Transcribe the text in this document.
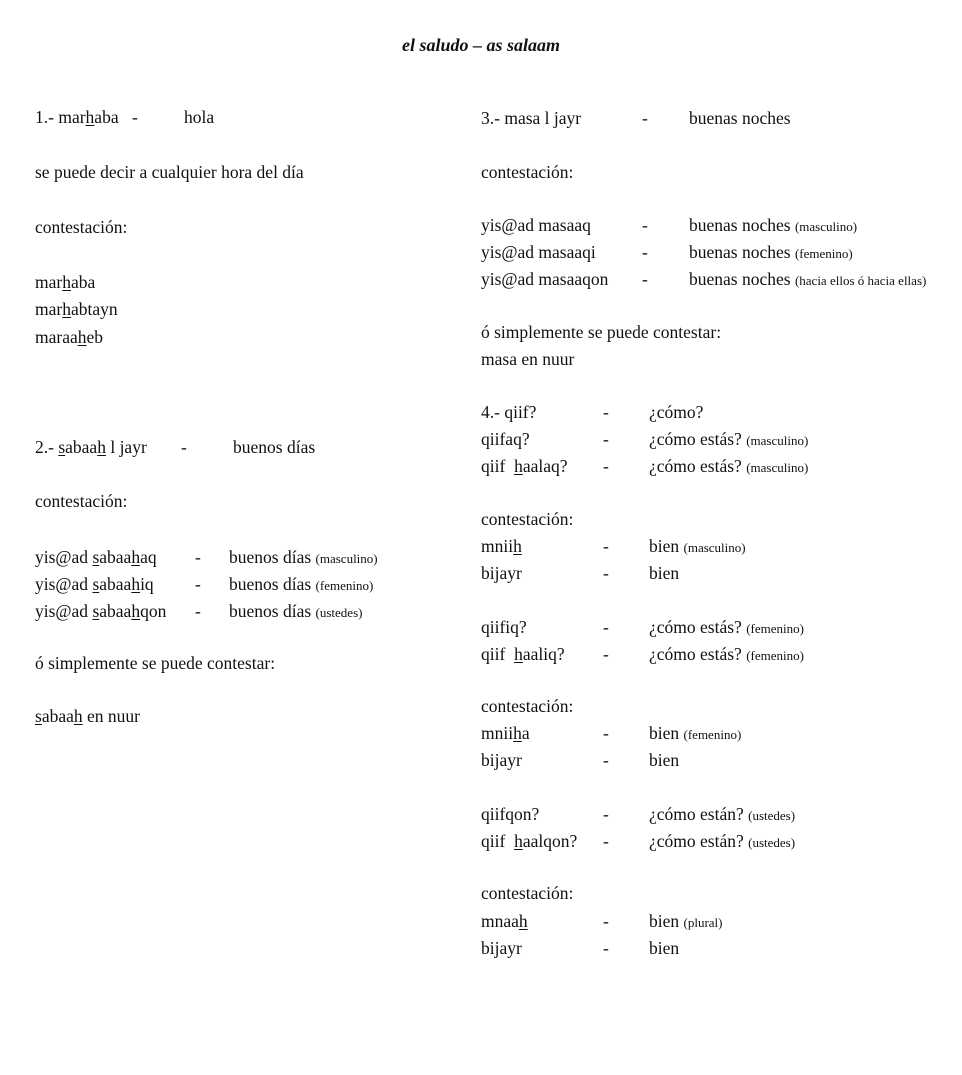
el saludo – as salaam
1.- marhaba -	hola
se puede decir a cualquier hora del día
contestación:
marhaba
marhabtayn
maraaheb
2.- sabaah l jayr -	buenos días
contestación:
yis@ad sabaahaq - buenos días (masculino)
yis@ad sabaahiq - buenos días (femenino)
yis@ad sabaahqon - buenos días (ustedes)
ó simplemente se puede contestar:
sabaah en nuur
3.- masa l jayr	- buenas noches
contestación:
yis@ad masaaq	- buenas noches (masculino)
yis@ad masaaqi	- buenas noches (femenino)
yis@ad masaaqon - buenas noches (hacia ellos ó hacia ellas)
ó simplemente se puede contestar:
masa en nuur
4.- qiif?	- ¿cómo?
qiifaq?	- ¿cómo estás? (masculino)
qiif  haalaq? - ¿cómo estás? (masculino)
contestación:
mniih	- bien (masculino)
bijayr	- bien
qiifiq?	- ¿cómo estás? (femenino)
qiif  haaliq? - ¿cómo estás? (femenino)
contestación:
mniiha	- bien (femenino)
bijayr	- bien
qiifqon?	- ¿cómo están? (ustedes)
qiif  haalqon? - ¿cómo están? (ustedes)
contestación:
mnaah	- bien (plural)
bijayr	- bien
